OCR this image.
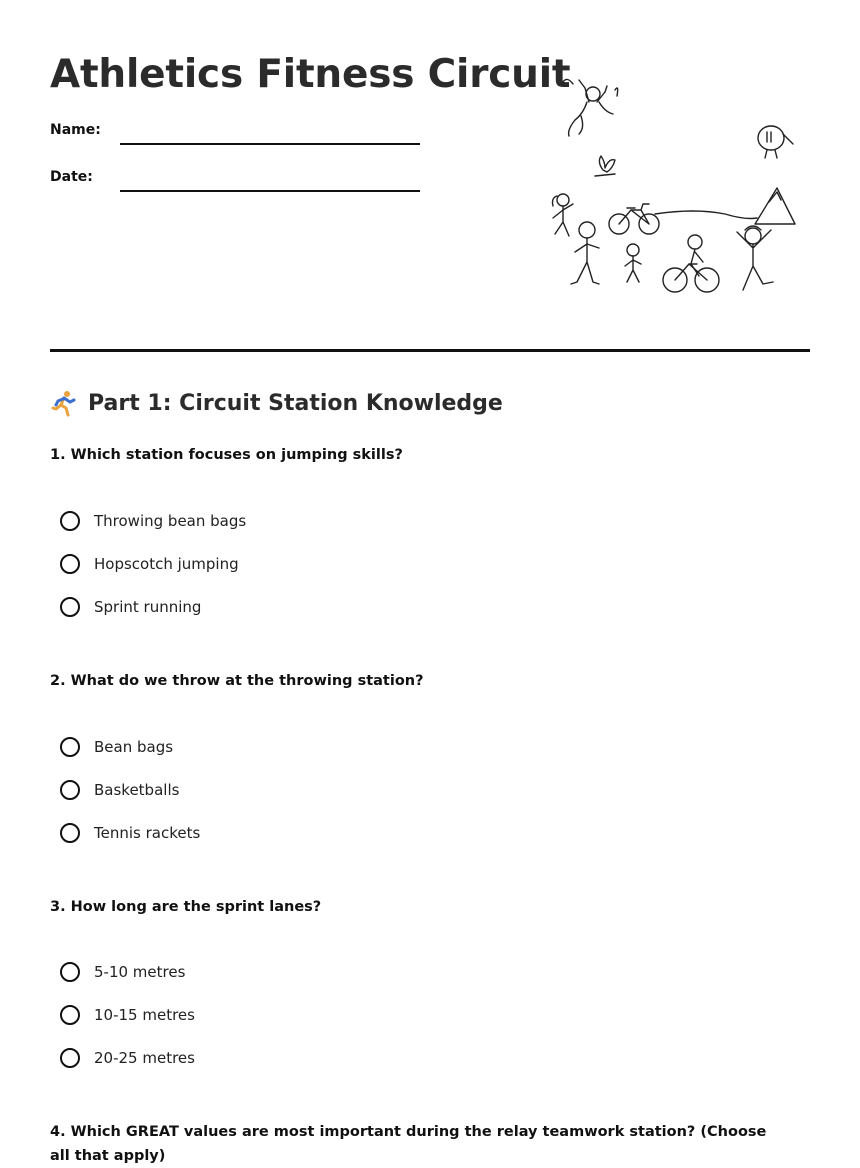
Athletics Fitness Circuit
Name:
Date:
Part 1: Circuit Station Knowledge

1. Which station focuses on jumping skills?

Throwing bean bags
Hopscotch jumping
Sprint running

2. What do we throw at the throwing station?

Bean bags
Basketballs
Tennis rackets

3. How long are the sprint lanes?

5-10 metres
10-15 metres
20-25 metres

4. Which GREAT values are most important during the relay teamwork station? (Choose all that apply)
